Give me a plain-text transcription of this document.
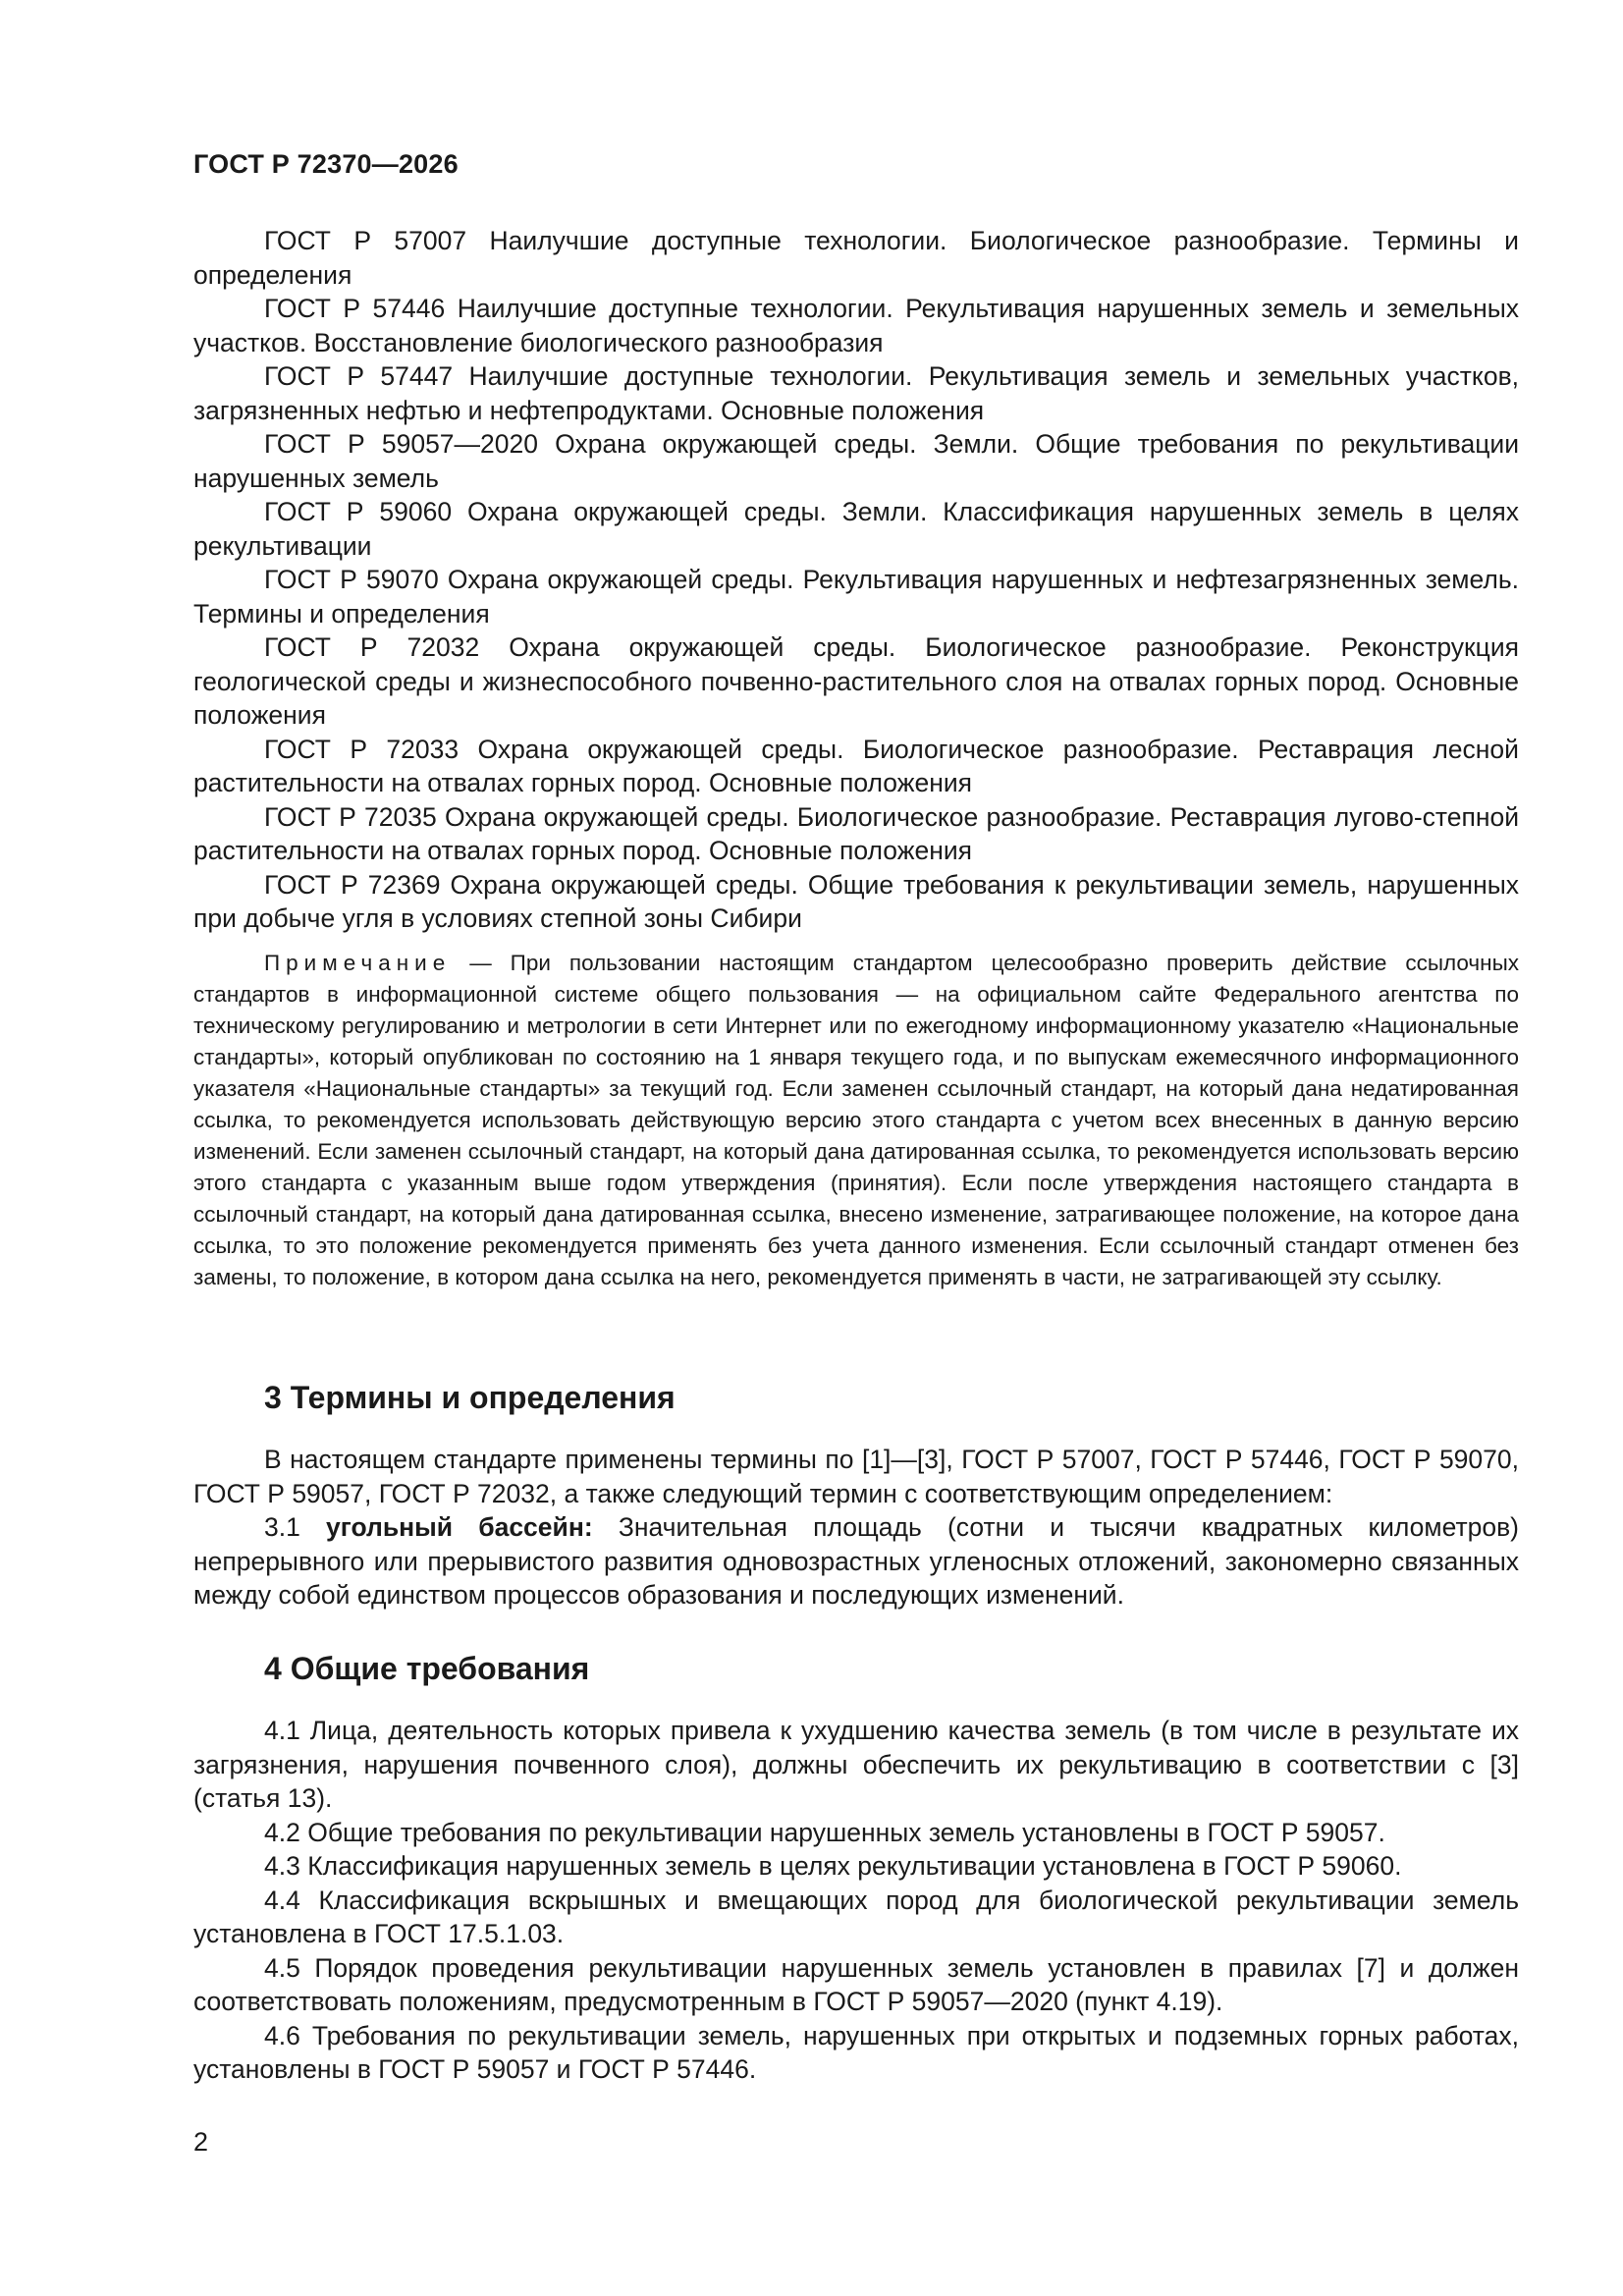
ГОСТ Р 72370—2026

ГОСТ Р 57007 Наилучшие доступные технологии. Биологическое разнообразие. Термины и определения

ГОСТ Р 57446 Наилучшие доступные технологии. Рекультивация нарушенных земель и земельных участков. Восстановление биологического разнообразия

ГОСТ Р 57447 Наилучшие доступные технологии. Рекультивация земель и земельных участков, загрязненных нефтью и нефтепродуктами. Основные положения

ГОСТ Р 59057—2020 Охрана окружающей среды. Земли. Общие требования по рекультивации нарушенных земель

ГОСТ Р 59060 Охрана окружающей среды. Земли. Классификация нарушенных земель в целях рекультивации

ГОСТ Р 59070 Охрана окружающей среды. Рекультивация нарушенных и нефтезагрязненных земель. Термины и определения

ГОСТ Р 72032 Охрана окружающей среды. Биологическое разнообразие. Реконструкция геологической среды и жизнеспособного почвенно-растительного слоя на отвалах горных пород. Основные положения

ГОСТ Р 72033 Охрана окружающей среды. Биологическое разнообразие. Реставрация лесной растительности на отвалах горных пород. Основные положения

ГОСТ Р 72035 Охрана окружающей среды. Биологическое разнообразие. Реставрация лугово-степной растительности на отвалах горных пород. Основные положения

ГОСТ Р 72369 Охрана окружающей среды. Общие требования к рекультивации земель, нарушенных при добыче угля в условиях степной зоны Сибири

Примечание — При пользовании настоящим стандартом целесообразно проверить действие ссылочных стандартов в информационной системе общего пользования — на официальном сайте Федерального агентства по техническому регулированию и метрологии в сети Интернет или по ежегодному информационному указателю «Национальные стандарты», который опубликован по состоянию на 1 января текущего года, и по выпускам ежемесячного информационного указателя «Национальные стандарты» за текущий год. Если заменен ссылочный стандарт, на который дана недатированная ссылка, то рекомендуется использовать действующую версию этого стандарта с учетом всех внесенных в данную версию изменений. Если заменен ссылочный стандарт, на который дана датированная ссылка, то рекомендуется использовать версию этого стандарта с указанным выше годом утверждения (принятия). Если после утверждения настоящего стандарта в ссылочный стандарт, на который дана датированная ссылка, внесено изменение, затрагивающее положение, на которое дана ссылка, то это положение рекомендуется применять без учета данного изменения. Если ссылочный стандарт отменен без замены, то положение, в котором дана ссылка на него, рекомендуется применять в части, не затрагивающей эту ссылку.

3 Термины и определения

В настоящем стандарте применены термины по [1]—[3], ГОСТ Р 57007, ГОСТ Р 57446, ГОСТ Р 59070, ГОСТ Р 59057, ГОСТ Р 72032, а также следующий термин с соответствующим определением:

3.1 угольный бассейн: Значительная площадь (сотни и тысячи квадратных километров) непрерывного или прерывистого развития одновозрастных угленосных отложений, закономерно связанных между собой единством процессов образования и последующих изменений.

4 Общие требования

4.1 Лица, деятельность которых привела к ухудшению качества земель (в том числе в результате их загрязнения, нарушения почвенного слоя), должны обеспечить их рекультивацию в соответствии с [3] (статья 13).

4.2 Общие требования по рекультивации нарушенных земель установлены в ГОСТ Р 59057.

4.3 Классификация нарушенных земель в целях рекультивации установлена в ГОСТ Р 59060.

4.4 Классификация вскрышных и вмещающих пород для биологической рекультивации земель установлена в ГОСТ 17.5.1.03.

4.5 Порядок проведения рекультивации нарушенных земель установлен в правилах [7] и должен соответствовать положениям, предусмотренным в ГОСТ Р 59057—2020 (пункт 4.19).

4.6 Требования по рекультивации земель, нарушенных при открытых и подземных горных работах, установлены в ГОСТ Р 59057 и ГОСТ Р 57446.

2
